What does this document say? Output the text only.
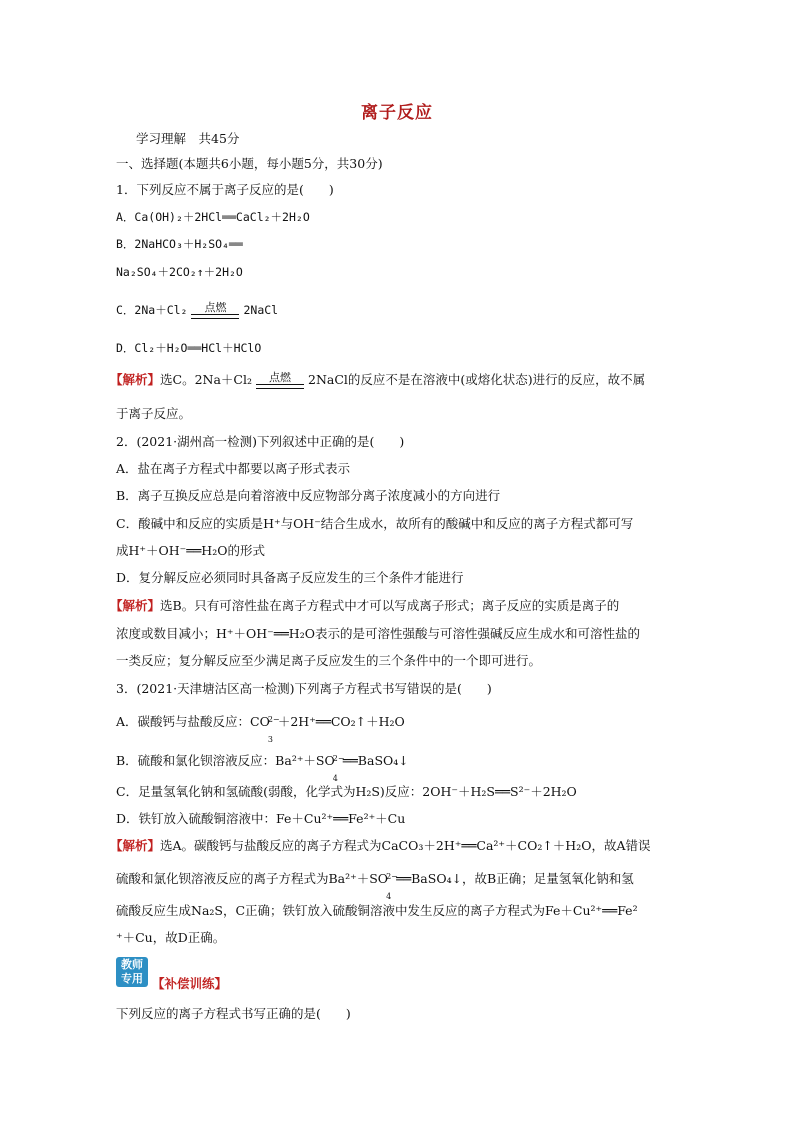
离子反应
学习理解　共45分
一、选择题(本题共6小题，每小题5分，共30分)
1．下列反应不属于离子反应的是(　　)
A．Ca(OH)₂＋2HCl══CaCl₂＋2H₂O
B．2NaHCO₃＋H₂SO₄══
Na₂SO₄＋2CO₂↑＋2H₂O
C．2Na＋Cl₂	点燃	2NaCl
D．Cl₂＋H₂O══HCl＋HClO
【解析】选C。2Na＋Cl₂	点燃	2NaCl的反应不是在溶液中(或熔化状态)进行的反应，故不属
于离子反应。
2．(2021·湖州高一检测)下列叙述中正确的是(　　)
A．盐在离子方程式中都要以离子形式表示
B．离子互换反应总是向着溶液中反应物部分离子浓度减小的方向进行
C．酸碱中和反应的实质是H⁺与OH⁻结合生成水，故所有的酸碱中和反应的离子方程式都可写
成H⁺＋OH⁻══H₂O的形式
D．复分解反应必须同时具备离子反应发生的三个条件才能进行
【解析】选B。只有可溶性盐在离子方程式中才可以写成离子形式；离子反应的实质是离子的
浓度或数目减小；H⁺＋OH⁻══H₂O表示的是可溶性强酸与可溶性强碱反应生成水和可溶性盐的
一类反应；复分解反应至少满足离子反应发生的三个条件中的一个即可进行。
3．(2021·天津塘沽区高一检测)下列离子方程式书写错误的是(　　)
A．碳酸钙与盐酸反应：CO
2−
3
＋2H⁺══CO₂↑＋H₂O
B．硫酸和氯化钡溶液反应：Ba²⁺＋SO
2−
4
══BaSO₄↓
C．足量氢氧化钠和氢硫酸(弱酸，化学式为H₂S)反应：2OH⁻＋H₂S══S²⁻＋2H₂O
D．铁钉放入硫酸铜溶液中：Fe＋Cu²⁺══Fe²⁺＋Cu
【解析】选A。碳酸钙与盐酸反应的离子方程式为CaCO₃＋2H⁺══Ca²⁺＋CO₂↑＋H₂O，故A错误
硫酸和氯化钡溶液反应的离子方程式为Ba²⁺＋SO
2−
4
══BaSO₄↓，故B正确；足量氢氧化钠和氢
硫酸反应生成Na₂S，C正确；铁钉放入硫酸铜溶液中发生反应的离子方程式为Fe＋Cu²⁺══Fe²
⁺＋Cu，故D正确。
教师
专用 【补偿训练】
下列反应的离子方程式书写正确的是(　　)
